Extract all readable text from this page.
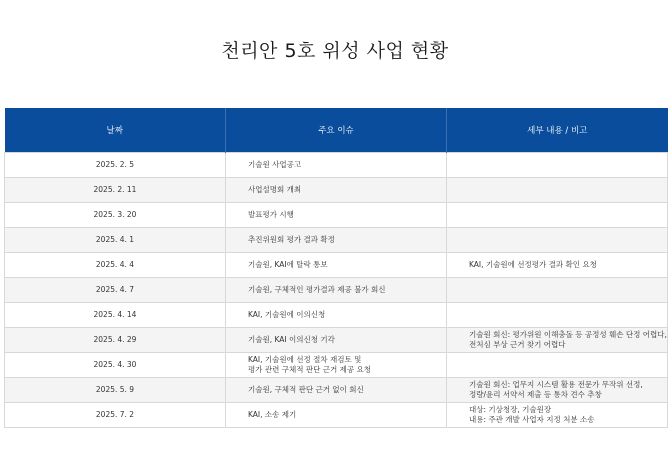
천리안 5호 위성 사업 현황
날짜	주요 이슈	세부 내용 / 비고
2025. 2. 5	기술원 사업공고	

2025. 2. 11	사업설명회 개최	

2025. 3. 20	발표평가 시행	

2025. 4. 1	추진위원회 평가 결과 확정	

2025. 4. 4	기술원, KAI에 탈락 통보	KAI, 기술원에 선정평가 결과 확인 요청

2025. 4. 7	기술원, 구체적인 평가결과 제공 불가 회신	

2025. 4. 14	KAI, 기술원에 이의신청	

2025. 4. 29	기술원, KAI 이의신청 기각	기술원 회신: 평가위원 이해충돌 등 공정성 훼손 단정 어렵다,
전처심 부상 근거 찾기 어렵다

2025. 4. 30	KAI, 기술원에 선정 절차 재검토 및
평가 관련 구체적 판단 근거 제공 요청	

2025. 5. 9	기술원, 구체적 판단 근거 없이 회신	기술원 회신: 업무지 시스템 활용 전문가 무작위 선정,
정량/윤리 서약서 제출 등 통차 견수 추창

2025. 7. 2	KAI, 소송 제기	대상: 기상청장, 기술원장
내용: 주관 개발 사업자 지정 처분 소송
